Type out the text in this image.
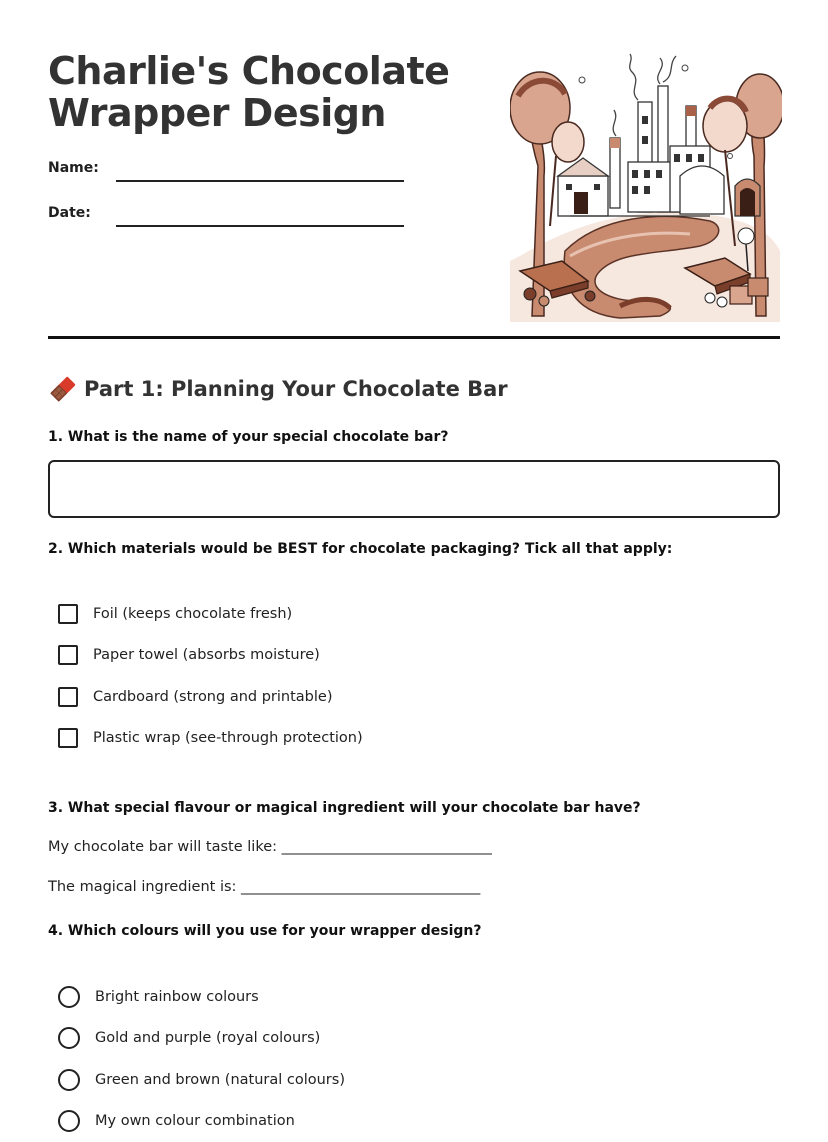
Charlie's Chocolate Wrapper Design
Name:
Date:
Part 1: Planning Your Chocolate Bar

1. What is the name of your special chocolate bar?

2. Which materials would be BEST for chocolate packaging? Tick all that apply:

Foil (keeps chocolate fresh)
Paper towel (absorbs moisture)
Cardboard (strong and printable)
Plastic wrap (see-through protection)

3. What special flavour or magical ingredient will your chocolate bar have?

My chocolate bar will taste like: _____________________________

The magical ingredient is: _________________________________

4. Which colours will you use for your wrapper design?

Bright rainbow colours
Gold and purple (royal colours)
Green and brown (natural colours)
My own colour combination
